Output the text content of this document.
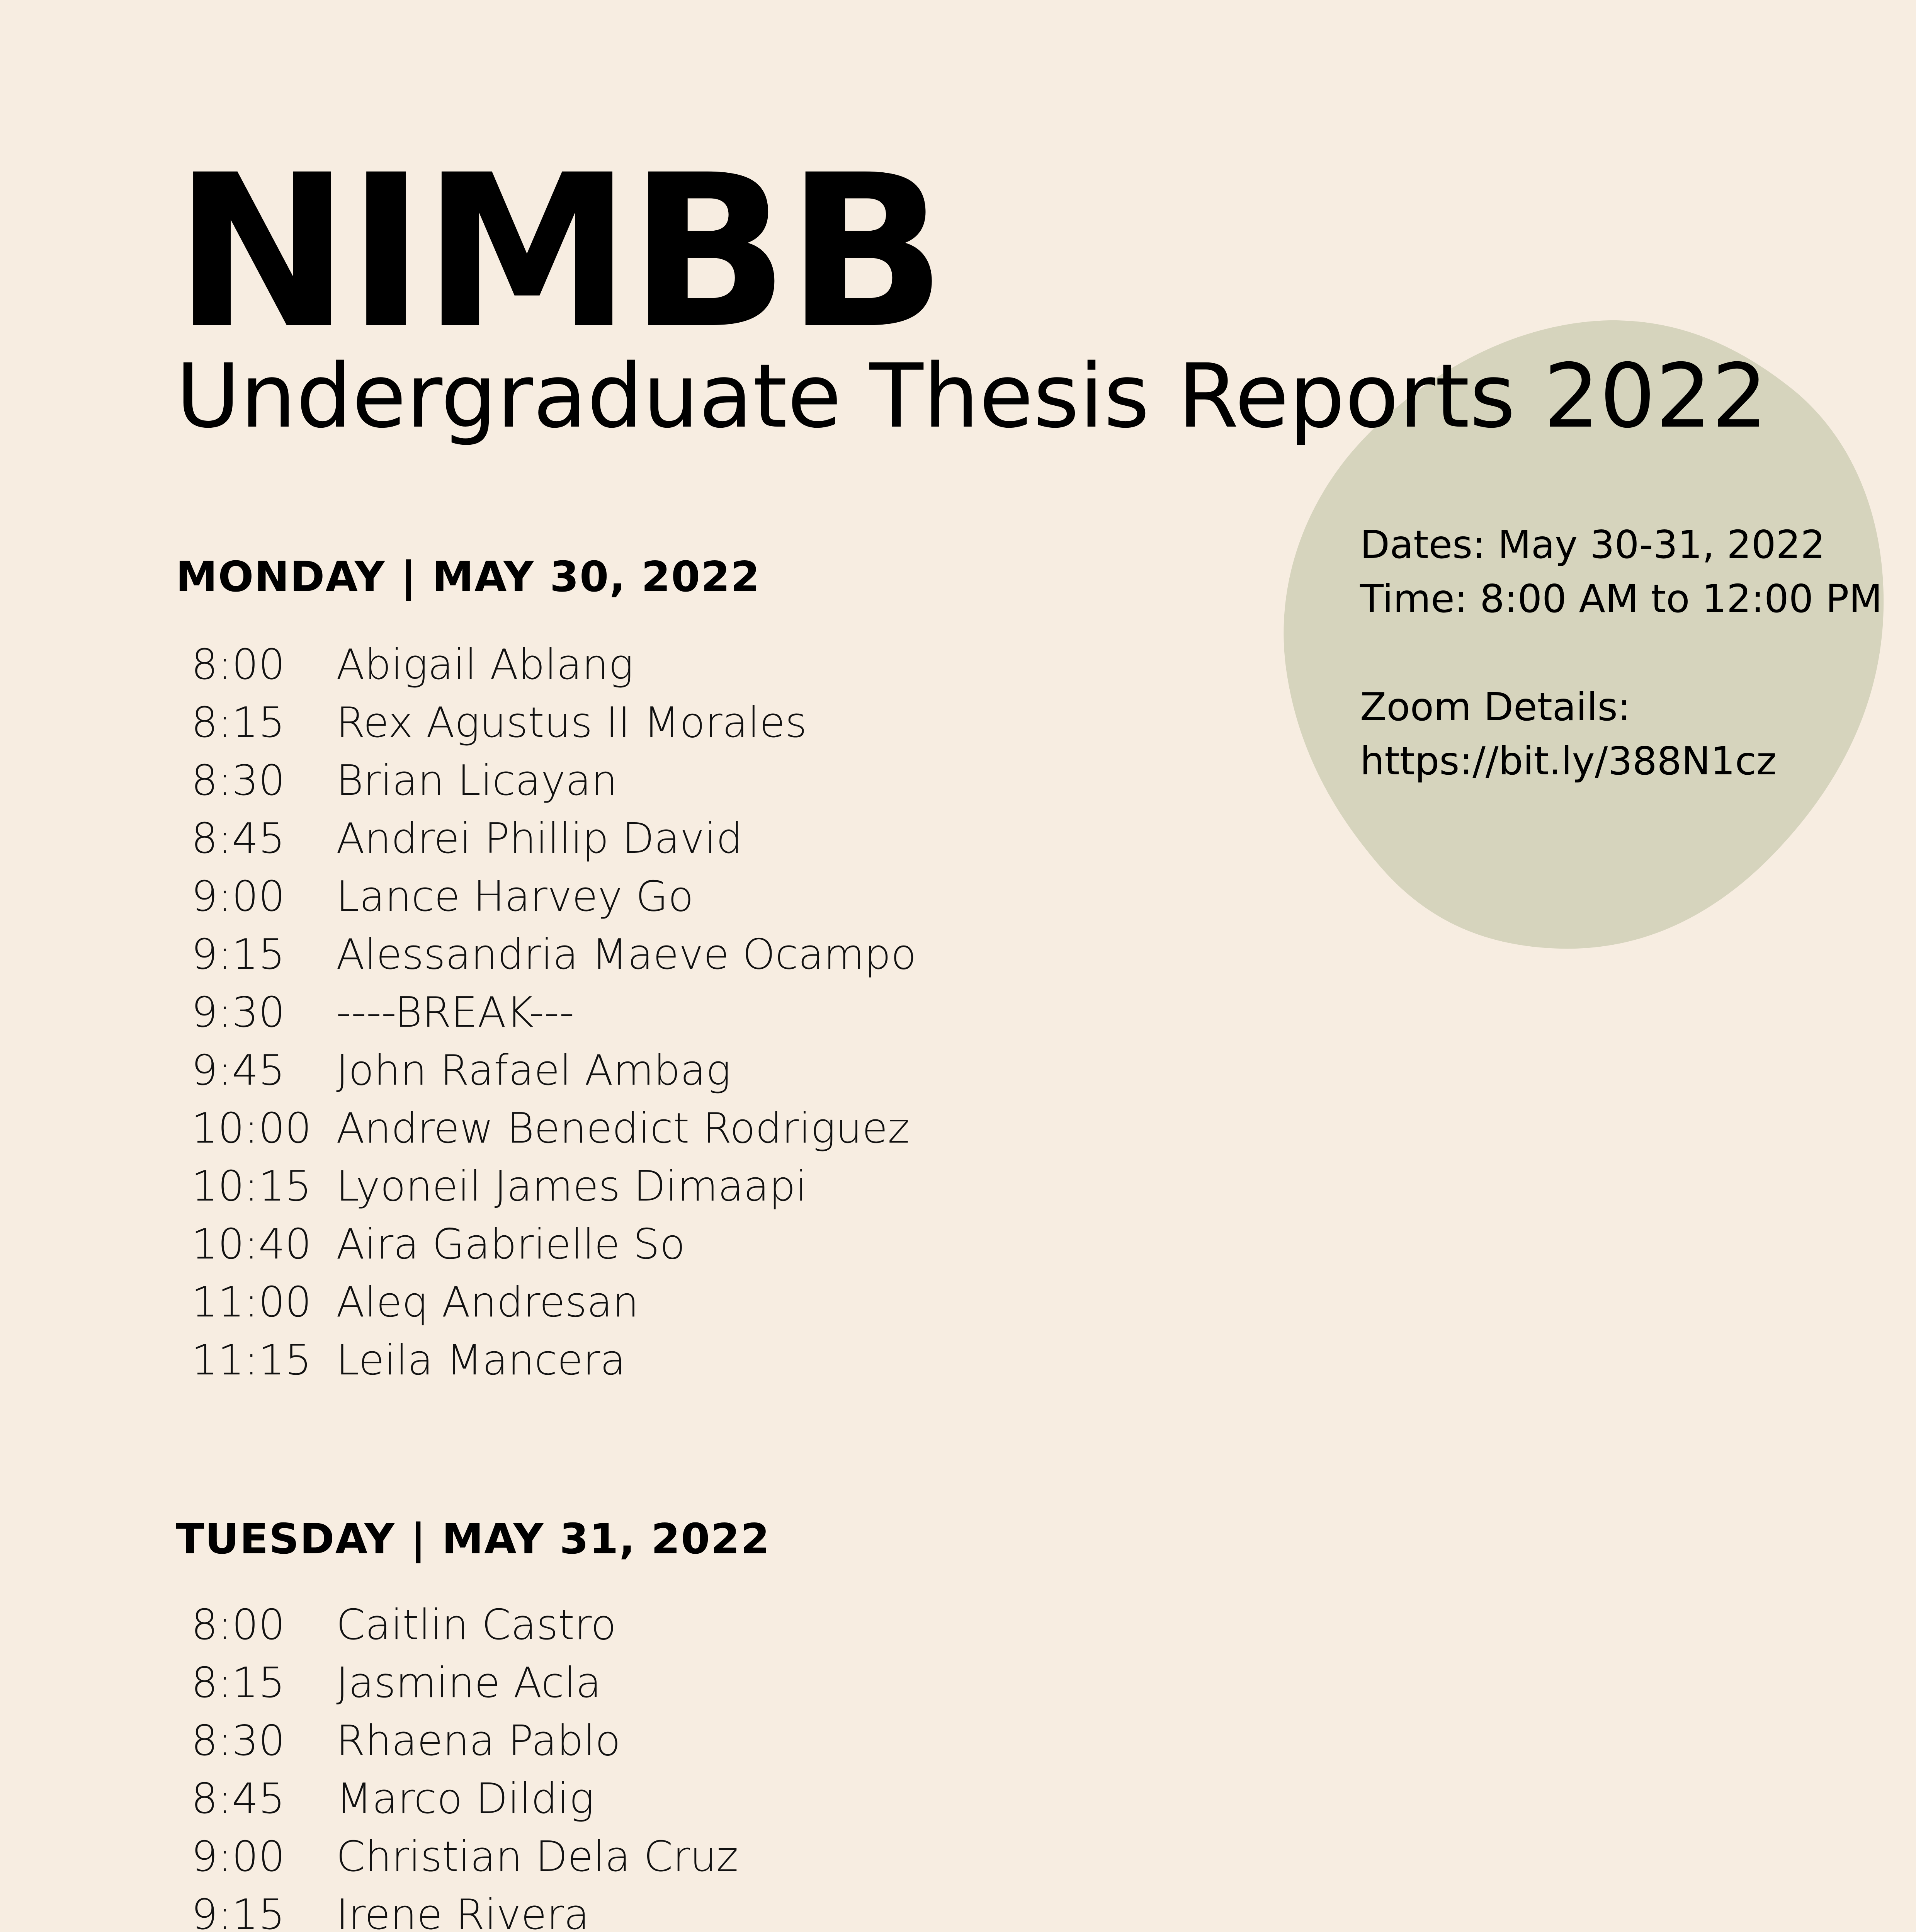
NIMBB
Undergraduate Thesis Reports 2022
Dates: May 30-31, 2022
Time: 8:00 AM to 12:00 PM
Zoom Details:
https://bit.ly/388N1cz
MONDAY | MAY 30, 2022
8:00	Abigail Ablang
8:15	Rex Agustus II Morales
8:30	Brian Licayan
8:45	Andrei Phillip David
9:00	Lance Harvey Go
9:15	Alessandria Maeve Ocampo
9:30	----BREAK---
9:45	John Rafael Ambag
10:00 Andrew Benedict Rodriguez
10:15 Lyoneil James Dimaapi
10:40 Aira Gabrielle So
11:00 Aleq Andresan
11:15 Leila Mancera
TUESDAY | MAY 31, 2022
8:00	Caitlin Castro
8:15	Jasmine Acla
8:30	Rhaena Pablo
8:45	Marco Dildig
9:00	Christian Dela Cruz
9:15	Irene Rivera
